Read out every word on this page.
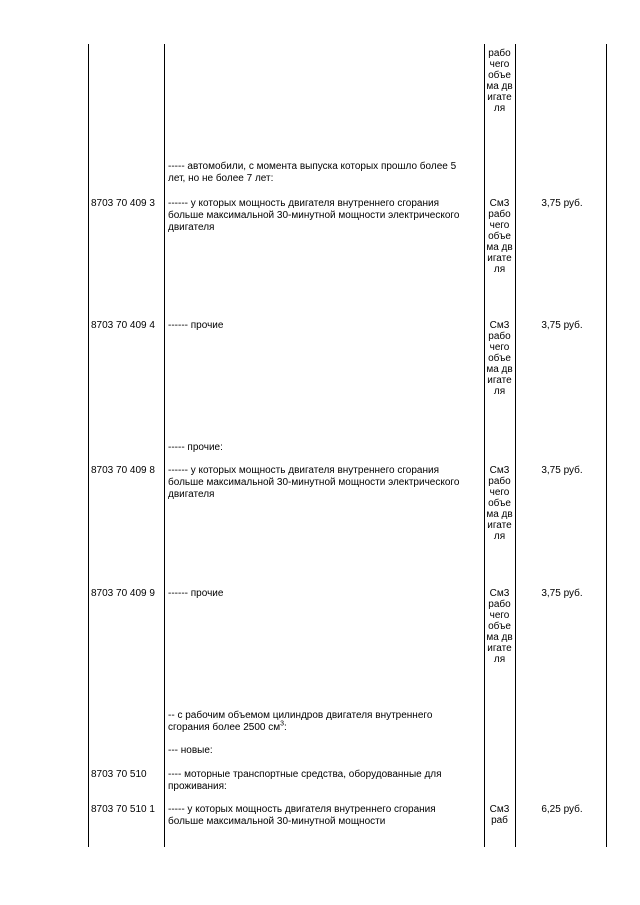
рабочего объема двигателя
----- автомобили, с момента выпуска которых прошло более 5 лет, но не более 7 лет:
8703 70 409 3 ------ у которых мощность двигателя внутреннего сгорания больше максимальной 30-минутной мощности электрического двигателя
Cм3 рабочего объема двигателя
3,75 руб.
8703 70 409 4 ------ прочие	Cм3 рабочего объема двигателя
3,75 руб.
----- прочие:
8703 70 409 8 ------ у которых мощность двигателя внутреннего сгорания больше максимальной 30-минутной мощности электрического двигателя
Cм3 рабочего объема двигателя
3,75 руб.
8703 70 409 9 ------ прочие	Cм3 рабочего объема двигателя
3,75 руб.
-- с рабочим объемом цилиндров двигателя внутреннего сгорания более 2500 $см^3$:
--- новые:
8703 70 510 ---- моторные транспортные средства, оборудованные для проживания:
8703 70 510 1 ----- у которых мощность двигателя внутреннего сгорания больше максимальной 30-минутной мощности
Cм3 раб
6,25 руб.
